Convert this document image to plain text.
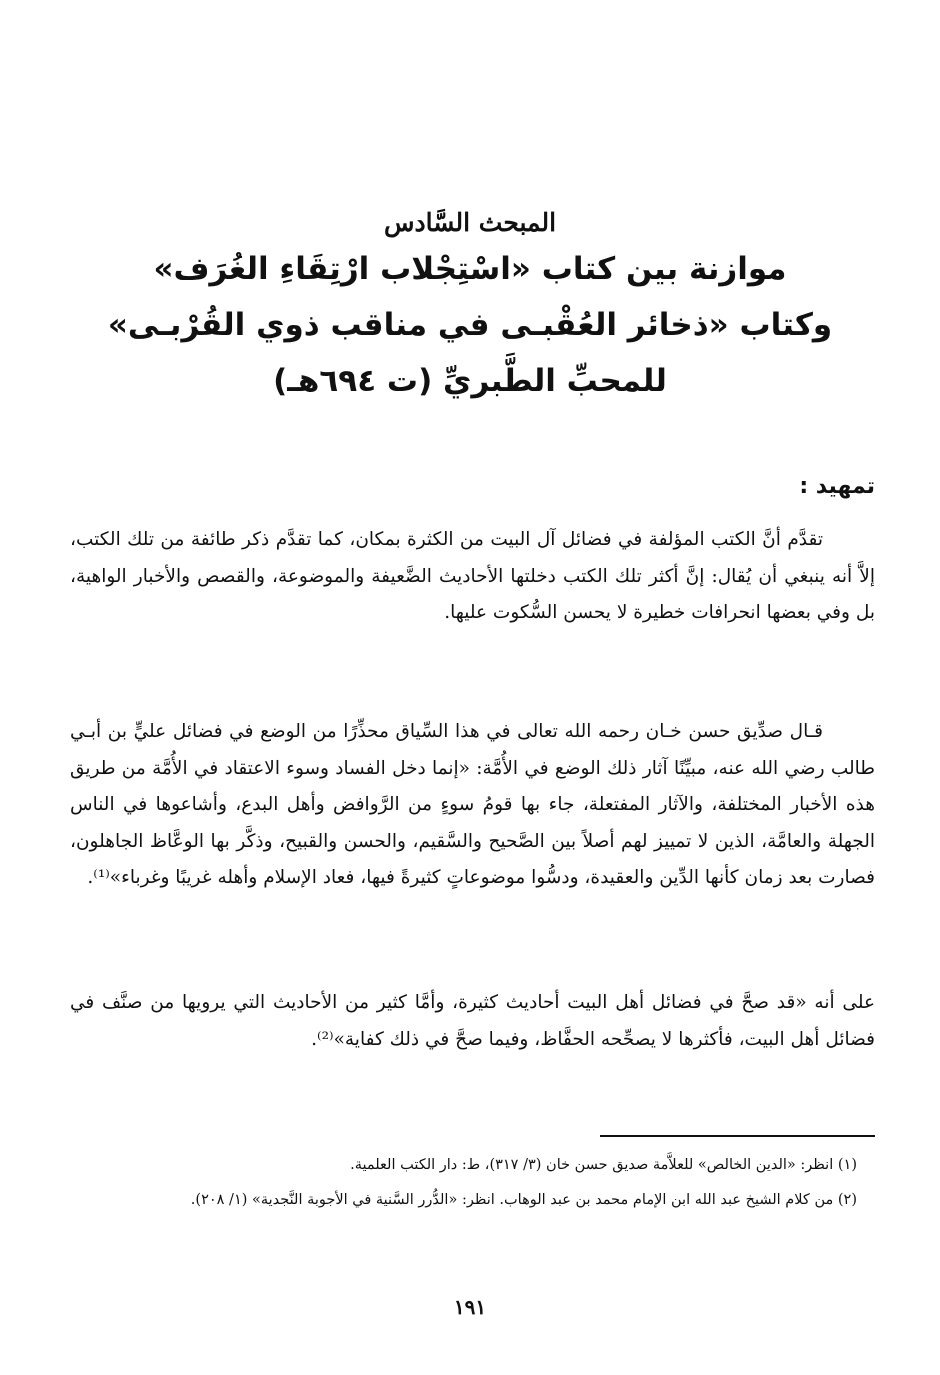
المبحث السَّادس

موازنة بين كتاب «اسْتِجْلاب ارْتِقَاءِ الغُرَف»

وكتاب «ذخائر العُقْبـى في مناقب ذوي القُرْبـى»

للمحبِّ الطَّبريِّ (ت ٦٩٤هـ)

تمهيد :

تقدَّم أنَّ الكتب المؤلفة في فضائل آل البيت من الكثرة بمكان، كما تقدَّم ذكر طائفة من تلك الكتب، إلاَّ أنه ينبغي أن يُقال: إنَّ أكثر تلك الكتب دخلتها الأحاديث الضَّعيفة والموضوعة، والقصص والأخبار الواهية، بل وفي بعضها انحرافات خطيرة لا يحسن السُّكوت عليها.

قـال صدِّيق حسن خـان رحمه الله تعالى في هذا السِّياق محذِّرًا من الوضع في فضائل عليٍّ بن أبـي طالب رضي الله عنه، مبيِّنًا آثار ذلك الوضع في الأُمَّة: «إنما دخل الفساد وسوء الاعتقاد في الأُمَّة من طريق هذه الأخبار المختلفة، والآثار المفتعلة، جاء بها قومُ سوءٍ من الرَّوافض وأهل البدع، وأشاعوها في الناس الجهلة والعامَّة، الذين لا تمييز لهم أصلاً بين الصَّحيح والسَّقيم، والحسن والقبيح، وذكَّر بها الوعَّاظ الجاهلون، فصارت بعد زمان كأنها الدِّين والعقيدة، ودسُّوا موضوعاتٍ كثيرةً فيها، فعاد الإسلام وأهله غريبًا وغرباء»⁽¹⁾.

على أنه «قد صحَّ في فضائل أهل البيت أحاديث كثيرة، وأمَّا كثير من الأحاديث التي يرويها من صنَّف في فضائل أهل البيت، فأكثرها لا يصحِّحه الحفَّاظ، وفيما صحَّ في ذلك كفاية»⁽²⁾.

(١) انظر: «الدين الخالص» للعلاَّمة صديق حسن خان (٣/ ٣١٧)، ط: دار الكتب العلمية.

(٢) من كلام الشيخ عبد الله ابن الإمام محمد بن عبد الوهاب. انظر: «الدُّرر السَّنية في الأجوبة النَّجدية» (١/ ٢٠٨).

١٩١
